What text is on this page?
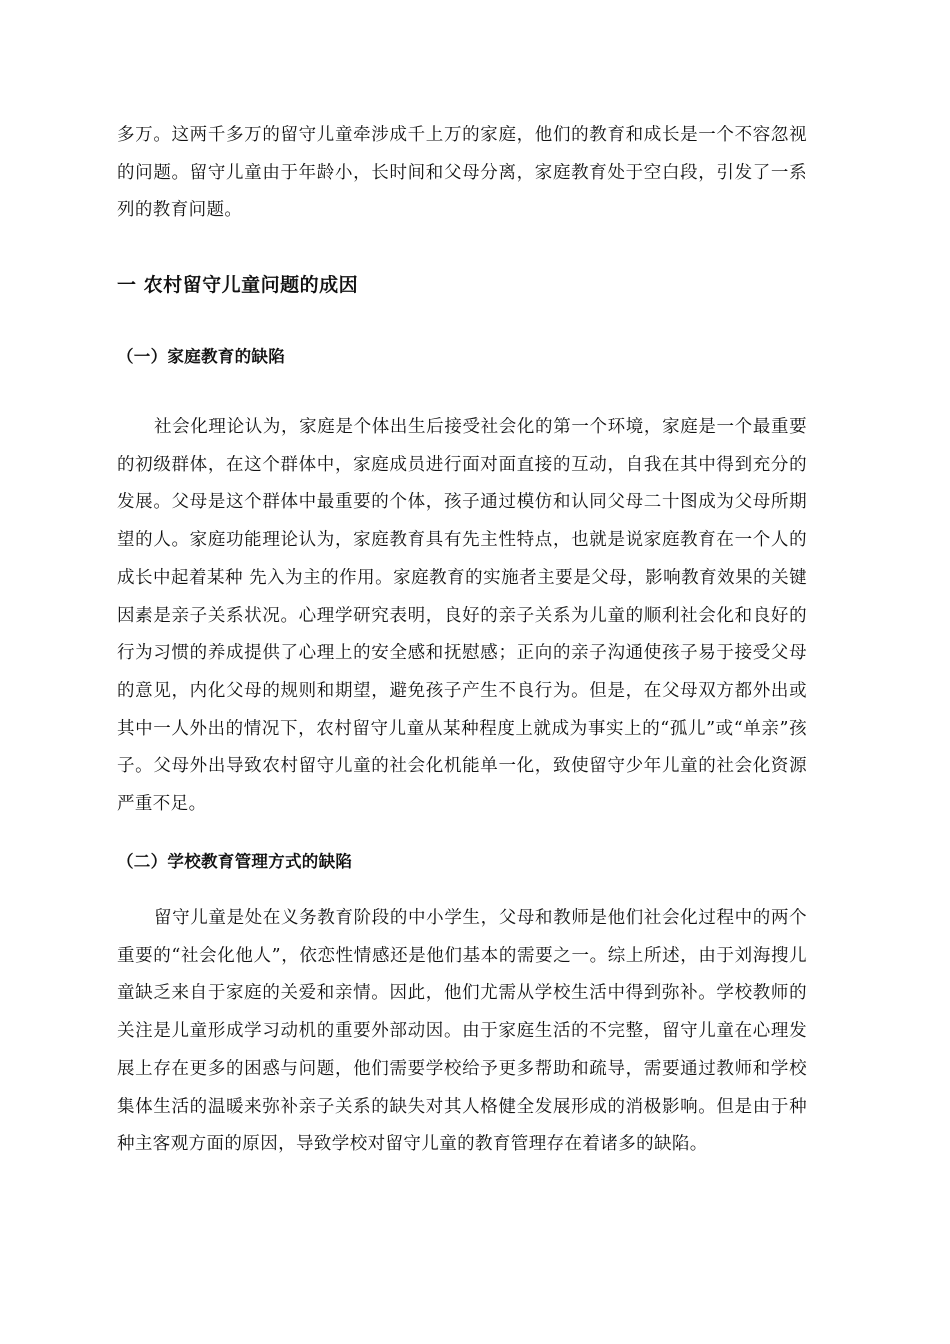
多万。这两千多万的留守儿童牵涉成千上万的家庭，他们的教育和成长是一个不容忽视的问题。留守儿童由于年龄小，长时间和父母分离，家庭教育处于空白段，引发了一系列的教育问题。

一 农村留守儿童问题的成因
（一）家庭教育的缺陷

社会化理论认为，家庭是个体出生后接受社会化的第一个环境，家庭是一个最重要的初级群体，在这个群体中，家庭成员进行面对面直接的互动，自我在其中得到充分的发展。父母是这个群体中最重要的个体，孩子通过模仿和认同父母二十图成为父母所期望的人。家庭功能理论认为，家庭教育具有先主性特点，也就是说家庭教育在一个人的成长中起着某种 先入为主的作用。家庭教育的实施者主要是父母，影响教育效果的关键因素是亲子关系状况。心理学研究表明，良好的亲子关系为儿童的顺利社会化和良好的行为习惯的养成提供了心理上的安全感和抚慰感；正向的亲子沟通使孩子易于接受父母的意见，内化父母的规则和期望，避免孩子产生不良行为。但是，在父母双方都外出或其中一人外出的情况下，农村留守儿童从某种程度上就成为事实上的“孤儿”或“单亲”孩子。父母外出导致农村留守儿童的社会化机能单一化，致使留守少年儿童的社会化资源严重不足。

（二）学校教育管理方式的缺陷

留守儿童是处在义务教育阶段的中小学生，父母和教师是他们社会化过程中的两个重要的“社会化他人”，依恋性情感还是他们基本的需要之一。综上所述，由于刘海搜儿童缺乏来自于家庭的关爱和亲情。因此，他们尤需从学校生活中得到弥补。学校教师的关注是儿童形成学习动机的重要外部动因。由于家庭生活的不完整，留守儿童在心理发展上存在更多的困惑与问题，他们需要学校给予更多帮助和疏导，需要通过教师和学校集体生活的温暖来弥补亲子关系的缺失对其人格健全发展形成的消极影响。但是由于种种主客观方面的原因，导致学校对留守儿童的教育管理存在着诸多的缺陷。
